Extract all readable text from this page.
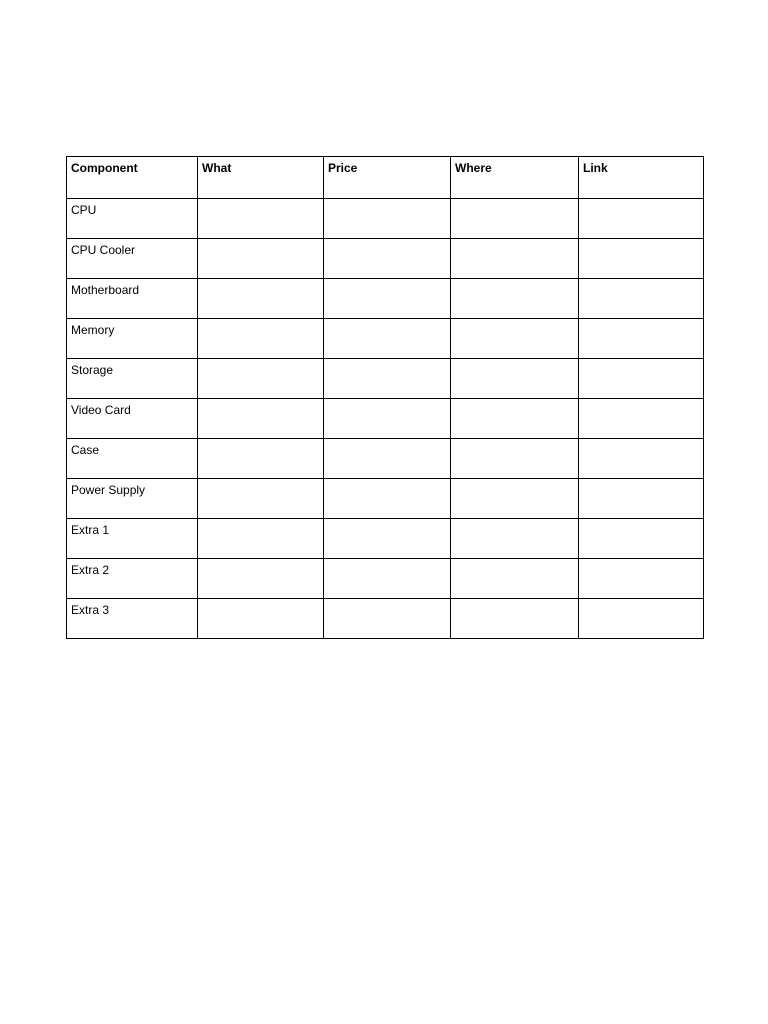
Component	What	Price	Where	Link
CPU				
CPU Cooler				
Motherboard				
Memory				
Storage				
Video Card				
Case				
Power Supply				
Extra 1				
Extra 2				
Extra 3				
